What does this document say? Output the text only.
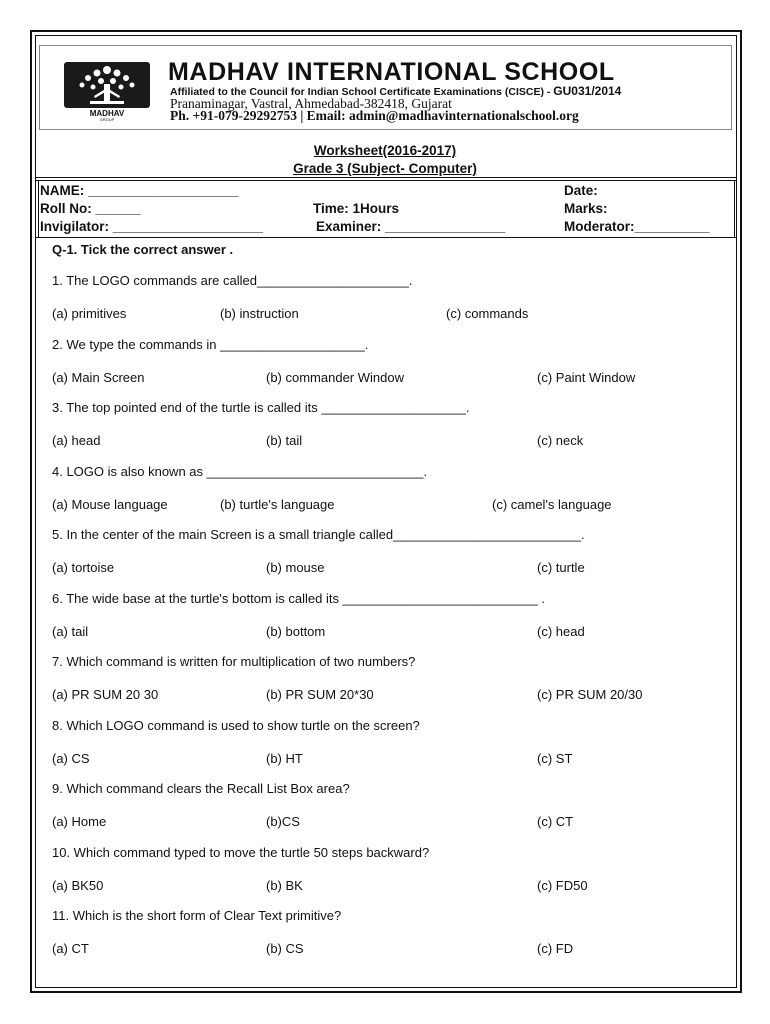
MADHAV
GROUP
MADHAV INTERNATIONAL SCHOOL
Affiliated to the Council for Indian School Certificate Examinations (CISCE) - GU031/2014
Pranaminagar, Vastral, Ahmedabad-382418, Gujarat
Ph. +91-079-29292753 | Email: admin@madhavinternationalschool.org
Worksheet(2016-2017)
Grade 3 (Subject- Computer)
NAME: ____________________
Roll No: ______
Invigilator: ____________________
Time: 1Hours
Examiner: ________________
Date:
Marks:
Moderator:__________
Q-1. Tick the correct answer .
1. The LOGO commands are called_____________________.
(a) primitives	(b) instruction	(c) commands
2. We type the commands in ____________________.
(a) Main Screen	(b) commander Window	(c) Paint Window
3. The top pointed end of the turtle is called its ____________________.
(a) head	(b) tail	(c) neck
4. LOGO is also known as ______________________________.
(a) Mouse language	(b) turtle's language	(c) camel's language
5. In the center of the main Screen is a small triangle called__________________________.
(a) tortoise	(b) mouse	(c) turtle
6. The wide base at the turtle's bottom is called its ___________________________ .
(a) tail	(b) bottom	(c) head
7. Which command is written for multiplication of two numbers?
(a) PR SUM 20 30	(b) PR SUM 20*30	(c) PR SUM 20/30
8. Which LOGO command is used to show turtle on the screen?
(a) CS	(b) HT	(c) ST
9. Which command clears the Recall List Box area?
(a) Home	(b)CS	(c) CT
10. Which command typed to move the turtle 50 steps backward?
(a) BK50	(b) BK	(c) FD50
11. Which is the short form of Clear Text primitive?
(a) CT	(b) CS	(c) FD
